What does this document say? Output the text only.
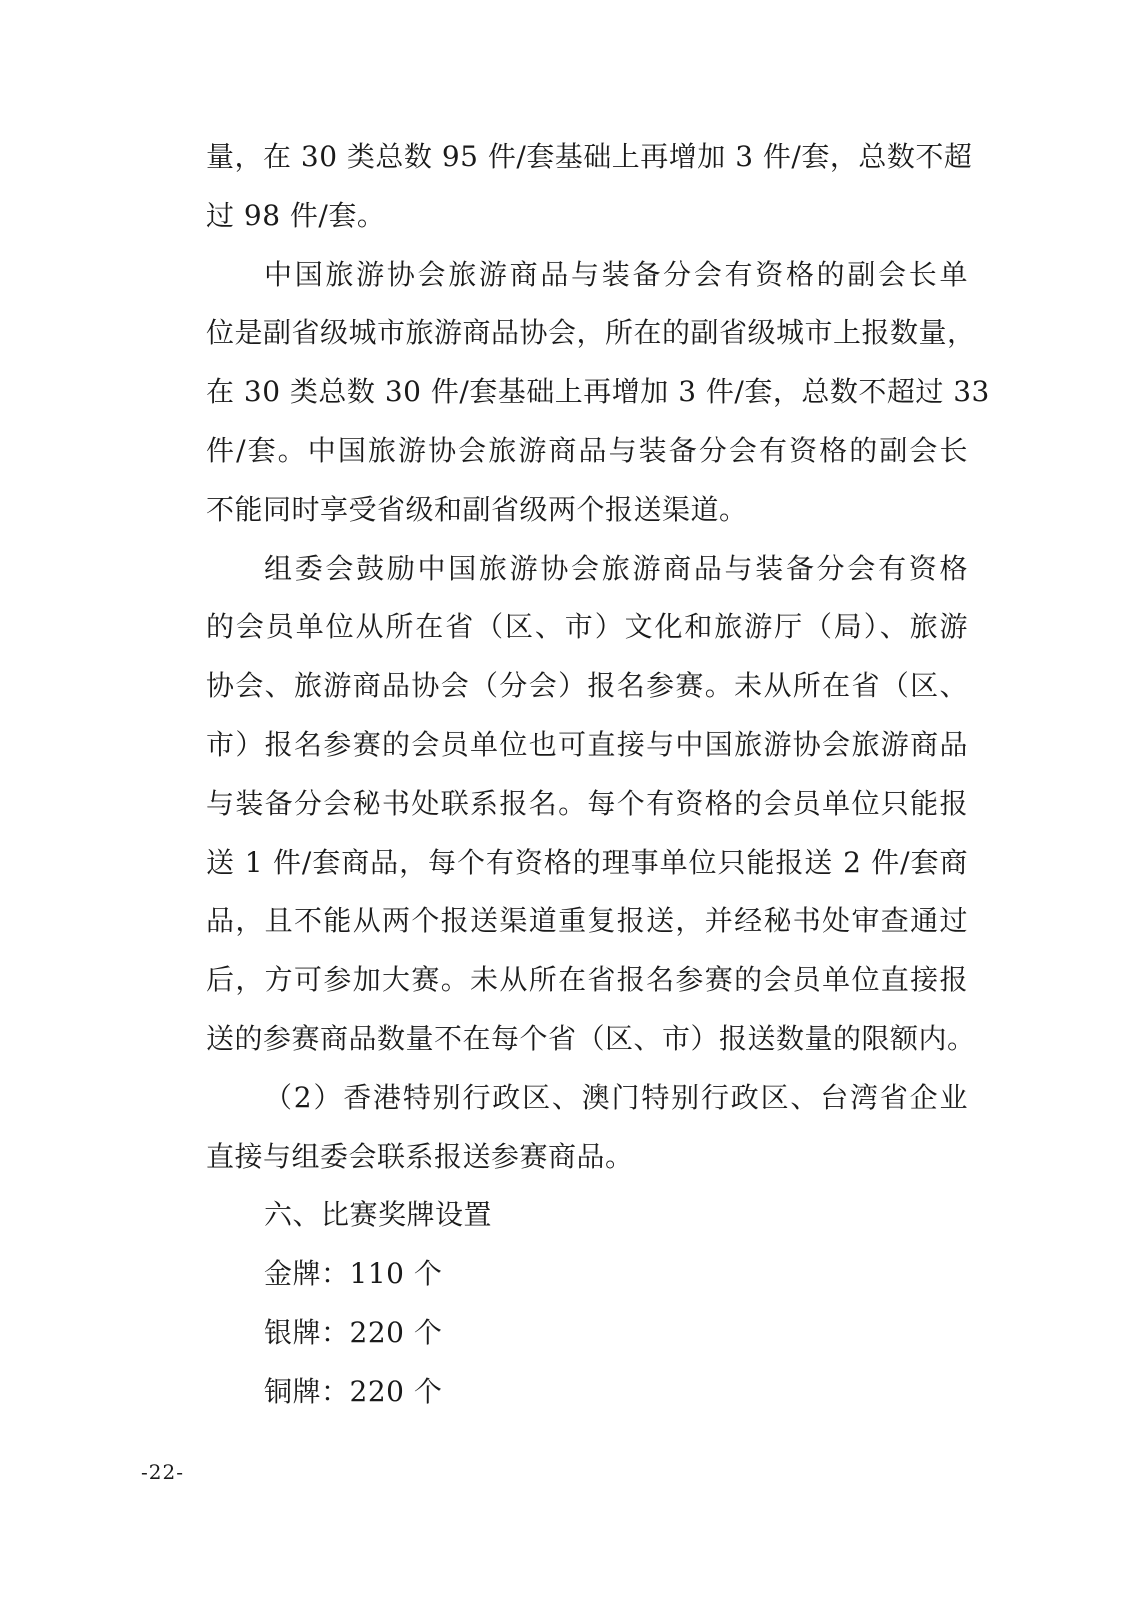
量，在 30 类总数 95 件/套基础上再增加 3 件/套，总数不超
过 98 件/套。
中国旅游协会旅游商品与装备分会有资格的副会长单
位是副省级城市旅游商品协会，所在的副省级城市上报数量，
在 30 类总数 30 件/套基础上再增加 3 件/套，总数不超过 33
件/套。中国旅游协会旅游商品与装备分会有资格的副会长
不能同时享受省级和副省级两个报送渠道。
组委会鼓励中国旅游协会旅游商品与装备分会有资格
的会员单位从所在省（区、市）文化和旅游厅（局）、旅游
协会、旅游商品协会（分会）报名参赛。未从所在省（区、
市）报名参赛的会员单位也可直接与中国旅游协会旅游商品
与装备分会秘书处联系报名。每个有资格的会员单位只能报
送 1 件/套商品，每个有资格的理事单位只能报送 2 件/套商
品，且不能从两个报送渠道重复报送，并经秘书处审查通过
后，方可参加大赛。未从所在省报名参赛的会员单位直接报
送的参赛商品数量不在每个省（区、市）报送数量的限额内。
（2）香港特别行政区、澳门特别行政区、台湾省企业
直接与组委会联系报送参赛商品。
六、比赛奖牌设置
金牌：110 个
银牌：220 个
铜牌：220 个
-22-
